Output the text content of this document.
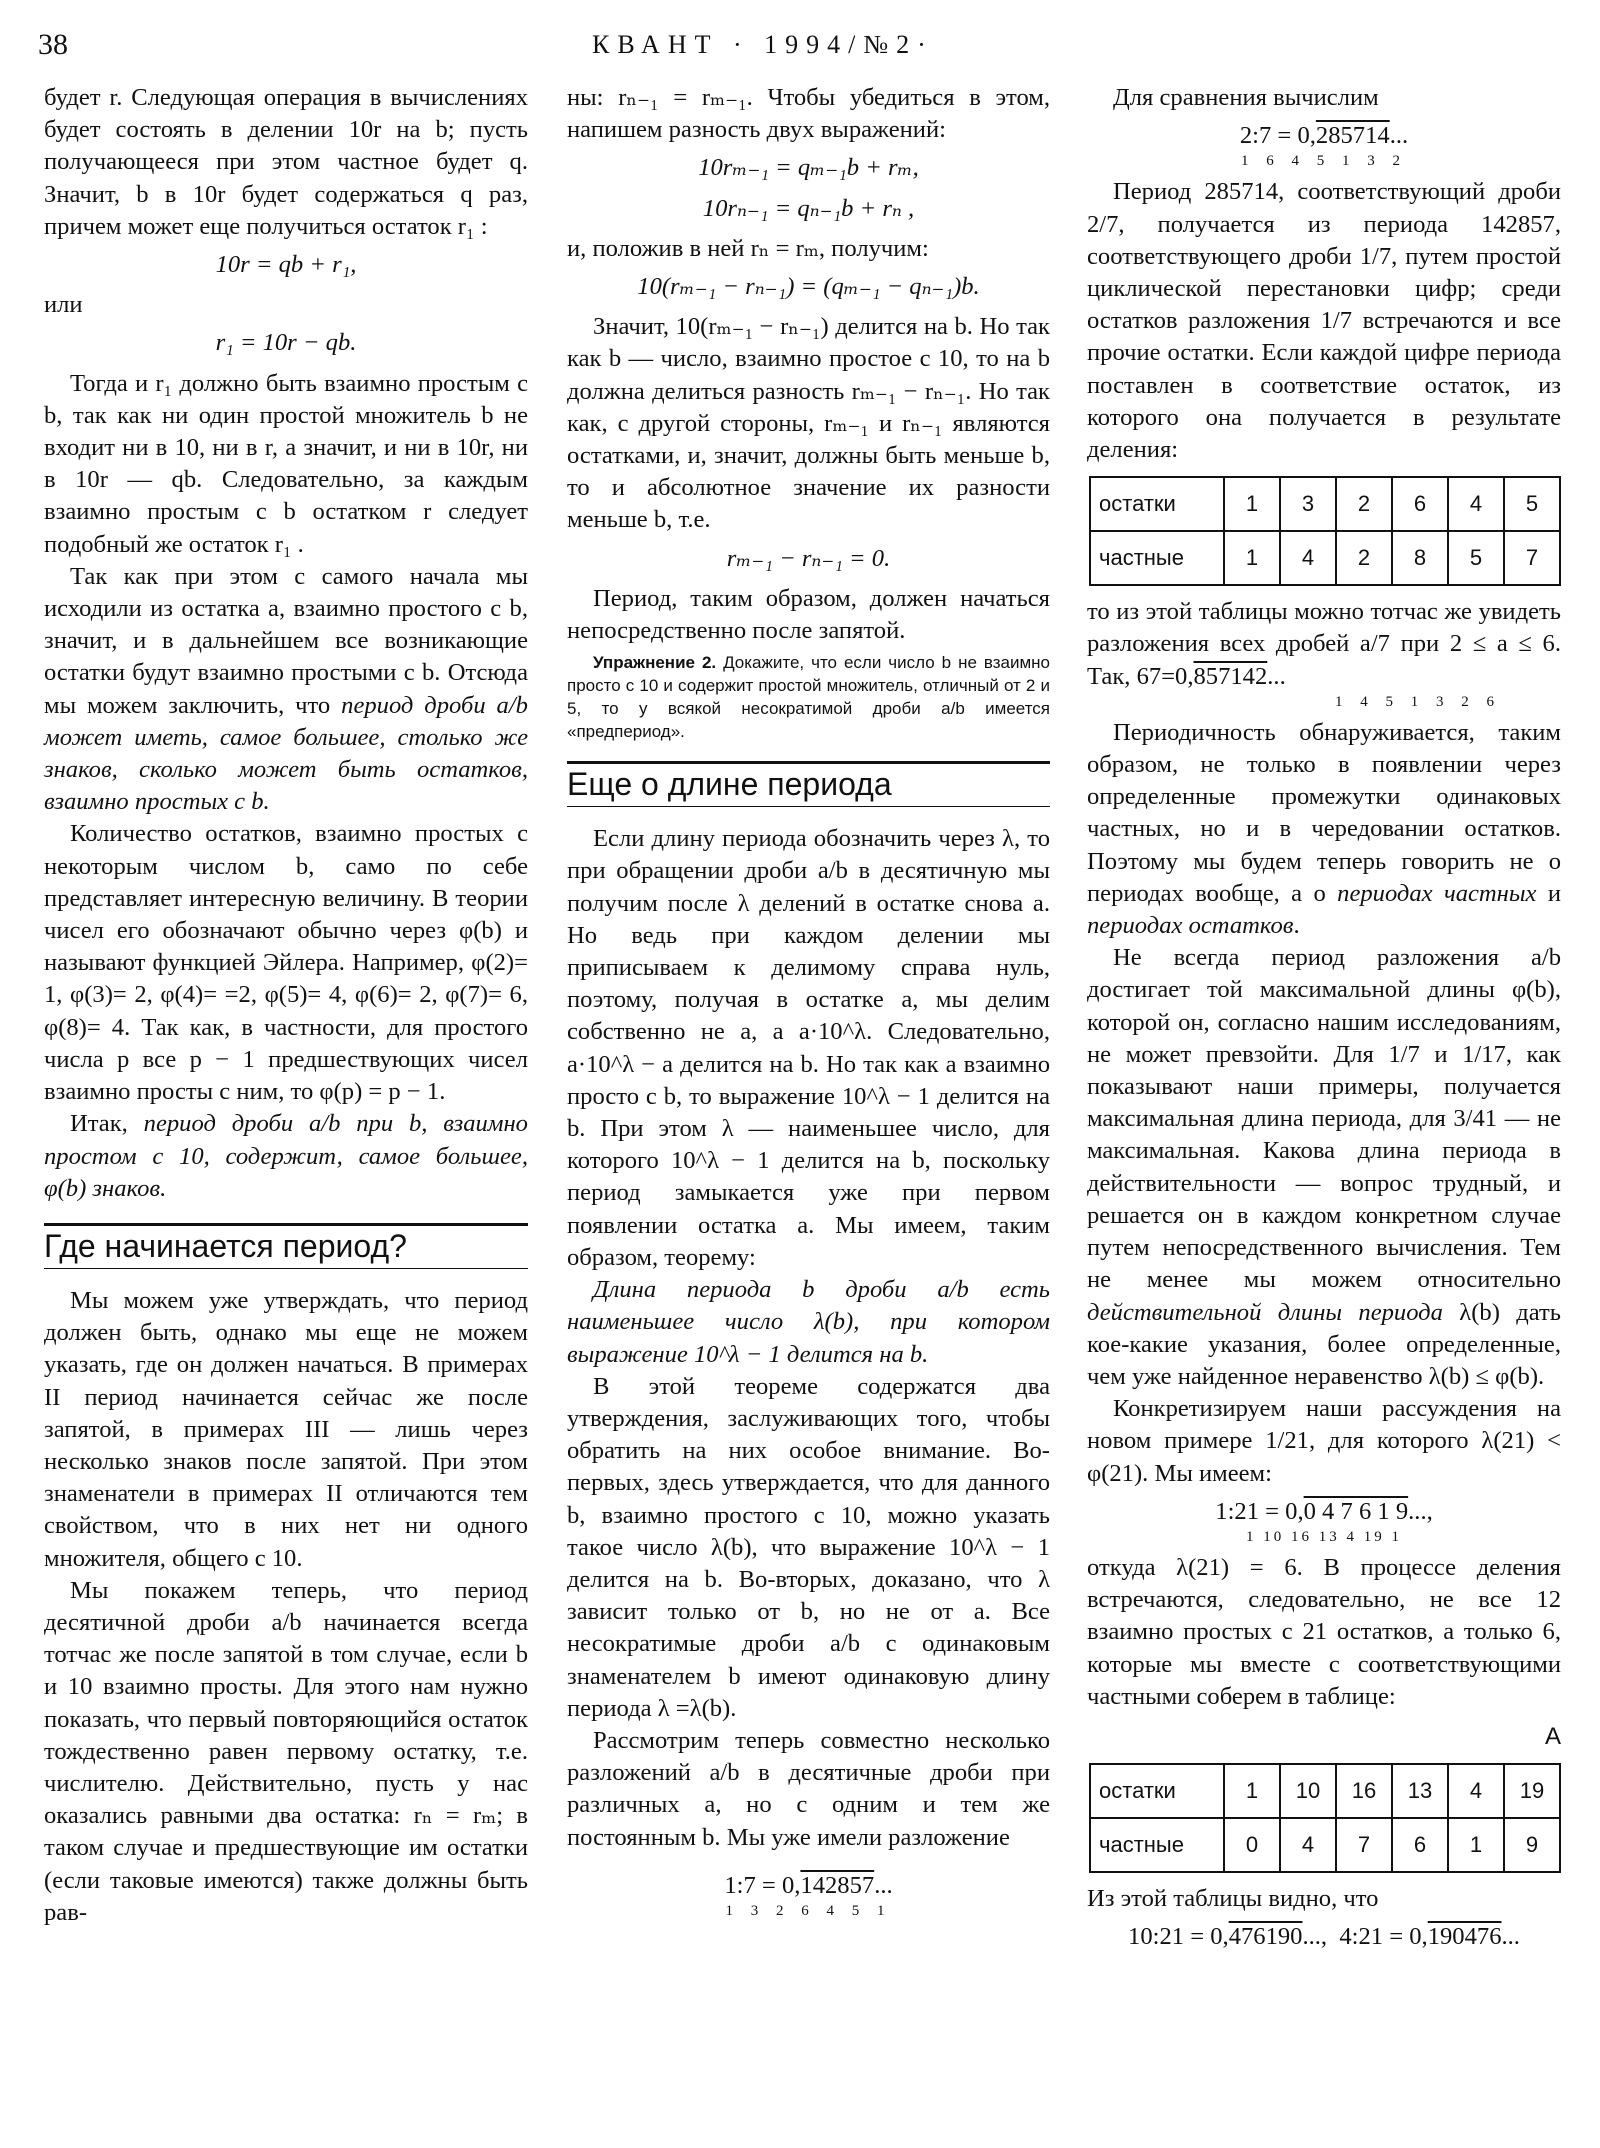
38	КВАНТ · 1994/№2·

будет r. Следующая операция в вычислениях будет состоять в делении 10r на b; пусть получающееся при этом частное будет q. Значит, b в 10r будет содержаться q раз, причем может еще получиться остаток r₁ :

10r = qb + r₁,

или

r₁ = 10r − qb.

Тогда и r₁ должно быть взаимно простым с b, так как ни один простой множитель b не входит ни в 10, ни в r, а значит, и ни в 10r, ни в 10r — qb. Следовательно, за каждым взаимно простым с b остатком r следует подобный же остаток r₁ .

Так как при этом с самого начала мы исходили из остатка a, взаимно простого с b, значит, и в дальнейшем все возникающие остатки будут взаимно простыми с b. Отсюда мы можем заключить, что период дроби a/b может иметь, самое большее, столько же знаков, сколько может быть остатков, взаимно простых с b.

Количество остатков, взаимно простых с некоторым числом b, само по себе представляет интересную величину. В теории чисел его обозначают обычно через φ(b) и называют функцией Эйлера. Например, φ(2)= 1, φ(3)= 2, φ(4)= =2, φ(5)= 4, φ(6)= 2, φ(7)= 6, φ(8)= 4. Так как, в частности, для простого числа p все p − 1 предшествующих чисел взаимно просты с ним, то φ(p) = p − 1.

Итак, период дроби a/b при b, взаимно простом с 10, содержит, самое большее, φ(b) знаков.

Где начинается период?

Мы можем уже утверждать, что период должен быть, однако мы еще не можем указать, где он должен начаться. В примерах II период начинается сейчас же после запятой, в примерах III — лишь через несколько знаков после запятой. При этом знаменатели в примерах II отличаются тем свойством, что в них нет ни одного множителя, общего с 10.

Мы покажем теперь, что период десятичной дроби a/b начинается всегда тотчас же после запятой в том случае, если b и 10 взаимно просты. Для этого нам нужно показать, что первый повторяющийся остаток тождественно равен первому остатку, т.е. числителю. Действительно, пусть у нас оказались равными два остатка: rₙ = rₘ; в таком случае и предшествующие им остатки (если таковые имеются) также должны быть рав-

ны: rₙ₋₁ = rₘ₋₁. Чтобы убедиться в этом, напишем разность двух выражений:

10rₘ₋₁ = qₘ₋₁b + rₘ,

10rₙ₋₁ = qₙ₋₁b + rₙ ,

и, положив в ней rₙ = rₘ, получим:

10(rₘ₋₁ − rₙ₋₁) = (qₘ₋₁ − qₙ₋₁)b.

Значит, 10(rₘ₋₁ − rₙ₋₁) делится на b. Но так как b — число, взаимно простое с 10, то на b должна делиться разность rₘ₋₁ − rₙ₋₁. Но так как, с другой стороны, rₘ₋₁ и rₙ₋₁ являются остатками, и, значит, должны быть меньше b, то и абсолютное значение их разности меньше b, т.е.

rₘ₋₁ − rₙ₋₁ = 0.

Период, таким образом, должен начаться непосредственно после запятой.

Упражнение 2. Докажите, что если число b не взаимно просто с 10 и содержит простой множитель, отличный от 2 и 5, то у всякой несократимой дроби a/b имеется «предпериод».

Еще о длине периода

Если длину периода обозначить через λ, то при обращении дроби a/b в десятичную мы получим после λ делений в остатке снова a. Но ведь при каждом делении мы приписываем к делимому справа нуль, поэтому, получая в остатке a, мы делим собственно не a, а a·10^λ. Следовательно, a·10^λ − a делится на b. Но так как a взаимно просто с b, то выражение 10^λ − 1 делится на b. При этом λ — наименьшее число, для которого 10^λ − 1 делится на b, поскольку период замыкается уже при первом появлении остатка a. Мы имеем, таким образом, теорему:

Длина периода b дроби a/b есть наименьшее число λ(b), при котором выражение 10^λ − 1 делится на b.

В этой теореме содержатся два утверждения, заслуживающих того, чтобы обратить на них особое внимание. Во-первых, здесь утверждается, что для данного b, взаимно простого с 10, можно указать такое число λ(b), что выражение 10^λ − 1 делится на b. Во-вторых, доказано, что λ зависит только от b, но не от a. Все несократимые дроби a/b с одинаковым знаменателем b имеют одинаковую длину периода λ =λ(b).

Рассмотрим теперь совместно несколько разложений a/b в десятичные дроби при различных a, но с одним и тем же постоянным b. Мы уже имели разложение

1:7 = 0,142857...

1 3 2 6 4 5 1

Для сравнения вычислим

2:7 = 0,285714...

1 6 4 5 1 3 2

Период 285714, соответствующий дроби 2/7, получается из периода 142857, соответствующего дроби 1/7, путем простой циклической перестановки цифр; среди остатков разложения 1/7 встречаются и все прочие остатки. Если каждой цифре периода поставлен в соответствие остаток, из которого она получается в результате деления:

остатки	1	3	2	6	4	5
частные	1	4	2	8	5	7

то из этой таблицы можно тотчас же увидеть разложения всех дробей a/7 при 2 ≤ a ≤ 6. Так, 67=0,857142...

1 4 5 1 3 2 6

Периодичность обнаруживается, таким образом, не только в появлении через определенные промежутки одинаковых частных, но и в чередовании остатков. Поэтому мы будем теперь говорить не о периодах вообще, а о периодах частных и периодах остатков.

Не всегда период разложения a/b достигает той максимальной длины φ(b), которой он, согласно нашим исследованиям, не может превзойти. Для 1/7 и 1/17, как показывают наши примеры, получается максимальная длина периода, для 3/41 — не максимальная. Какова длина периода в действительности — вопрос трудный, и решается он в каждом конкретном случае путем непосредственного вычисления. Тем не менее мы можем относительно действительной длины периода λ(b) дать кое-какие указания, более определенные, чем уже найденное неравенство λ(b) ≤ φ(b).

Конкретизируем наши рассуждения на новом примере 1/21, для которого λ(21) < φ(21). Мы имеем:

1:21 = 0,0 4 7 6 1 9...,

1 10 16 13 4 19 1

откуда λ(21) = 6. В процессе деления встречаются, следовательно, не все 12 взаимно простых с 21 остатков, а только 6, которые мы вместе с соответствующими частными соберем в таблице:

A
остатки	1	10	16	13	4	19
частные	0	4	7	6	1	9

Из этой таблицы видно, что

10:21 = 0,476190..., 4:21 = 0,190476...
